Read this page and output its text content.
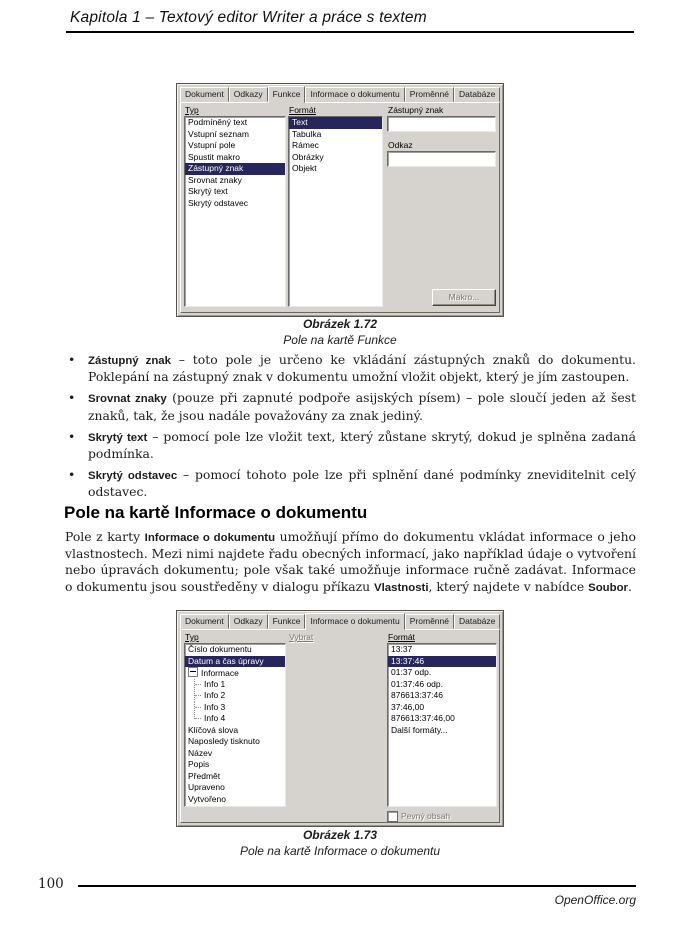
Kapitola 1 – Textový editor Writer a práce s textem
Dokument	Odkazy	Funkce	Informace o dokumentu	Proměnné	Databáze
Typ
Podmíněný text
Vstupní seznam
Vstupní pole
Spustit makro
Zástupný znak
Srovnat znaky
Skrytý text
Skrytý odstavec
Formát
Text
Tabulka
Rámec
Obrázky
Objekt
Zástupný znak
Odkaz
Makro...
Obrázek 1.72
Pole na kartě Funkce
• Zástupný znak – toto pole je určeno ke vkládání zástupných znaků do dokumentu. Poklepání na zástupný znak v dokumentu umožní vložit objekt, který je jím zastoupen.
• Srovnat znaky (pouze při zapnuté podpoře asijských písem) – pole sloučí jeden až šest znaků, tak, že jsou nadále považovány za znak jediný.
• Skrytý text – pomocí pole lze vložit text, který zůstane skrytý, dokud je splněna zadaná podmínka.
• Skrytý odstavec – pomocí tohoto pole lze při splnění dané podmínky zneviditelnit celý odstavec.
Pole na kartě Informace o dokumentu

Pole z karty Informace o dokumentu umožňují přímo do dokumentu vkládat informace o jeho vlastnostech. Mezi nimi najdete řadu obecných informací, jako například údaje o vytvoření nebo úpravách dokumentu; pole však také umožňuje informace ručně zadávat. Informace o dokumentu jsou soustředěny v dialogu příkazu Vlastnosti, který najdete v nabídce Soubor.

Dokument	Odkazy	Funkce	Informace o dokumentu	Proměnné	Databáze
Typ
Číslo dokumentu
Datum a čas úpravy
Informace
Info 1
Info 2
Info 3
Info 4
Klíčová slova
Naposledy tisknuto
Název
Popis
Předmět
Upraveno
Vytvořeno
Vybrat	Formát
13:37
13:37:46
01:37 odp.
01:37:46 odp.
876613:37:46
37:46,00
876613:37:46,00
Další formáty...
Pevný obsah
Obrázek 1.73
Pole na kartě Informace o dokumentu
100
OpenOffice.org
